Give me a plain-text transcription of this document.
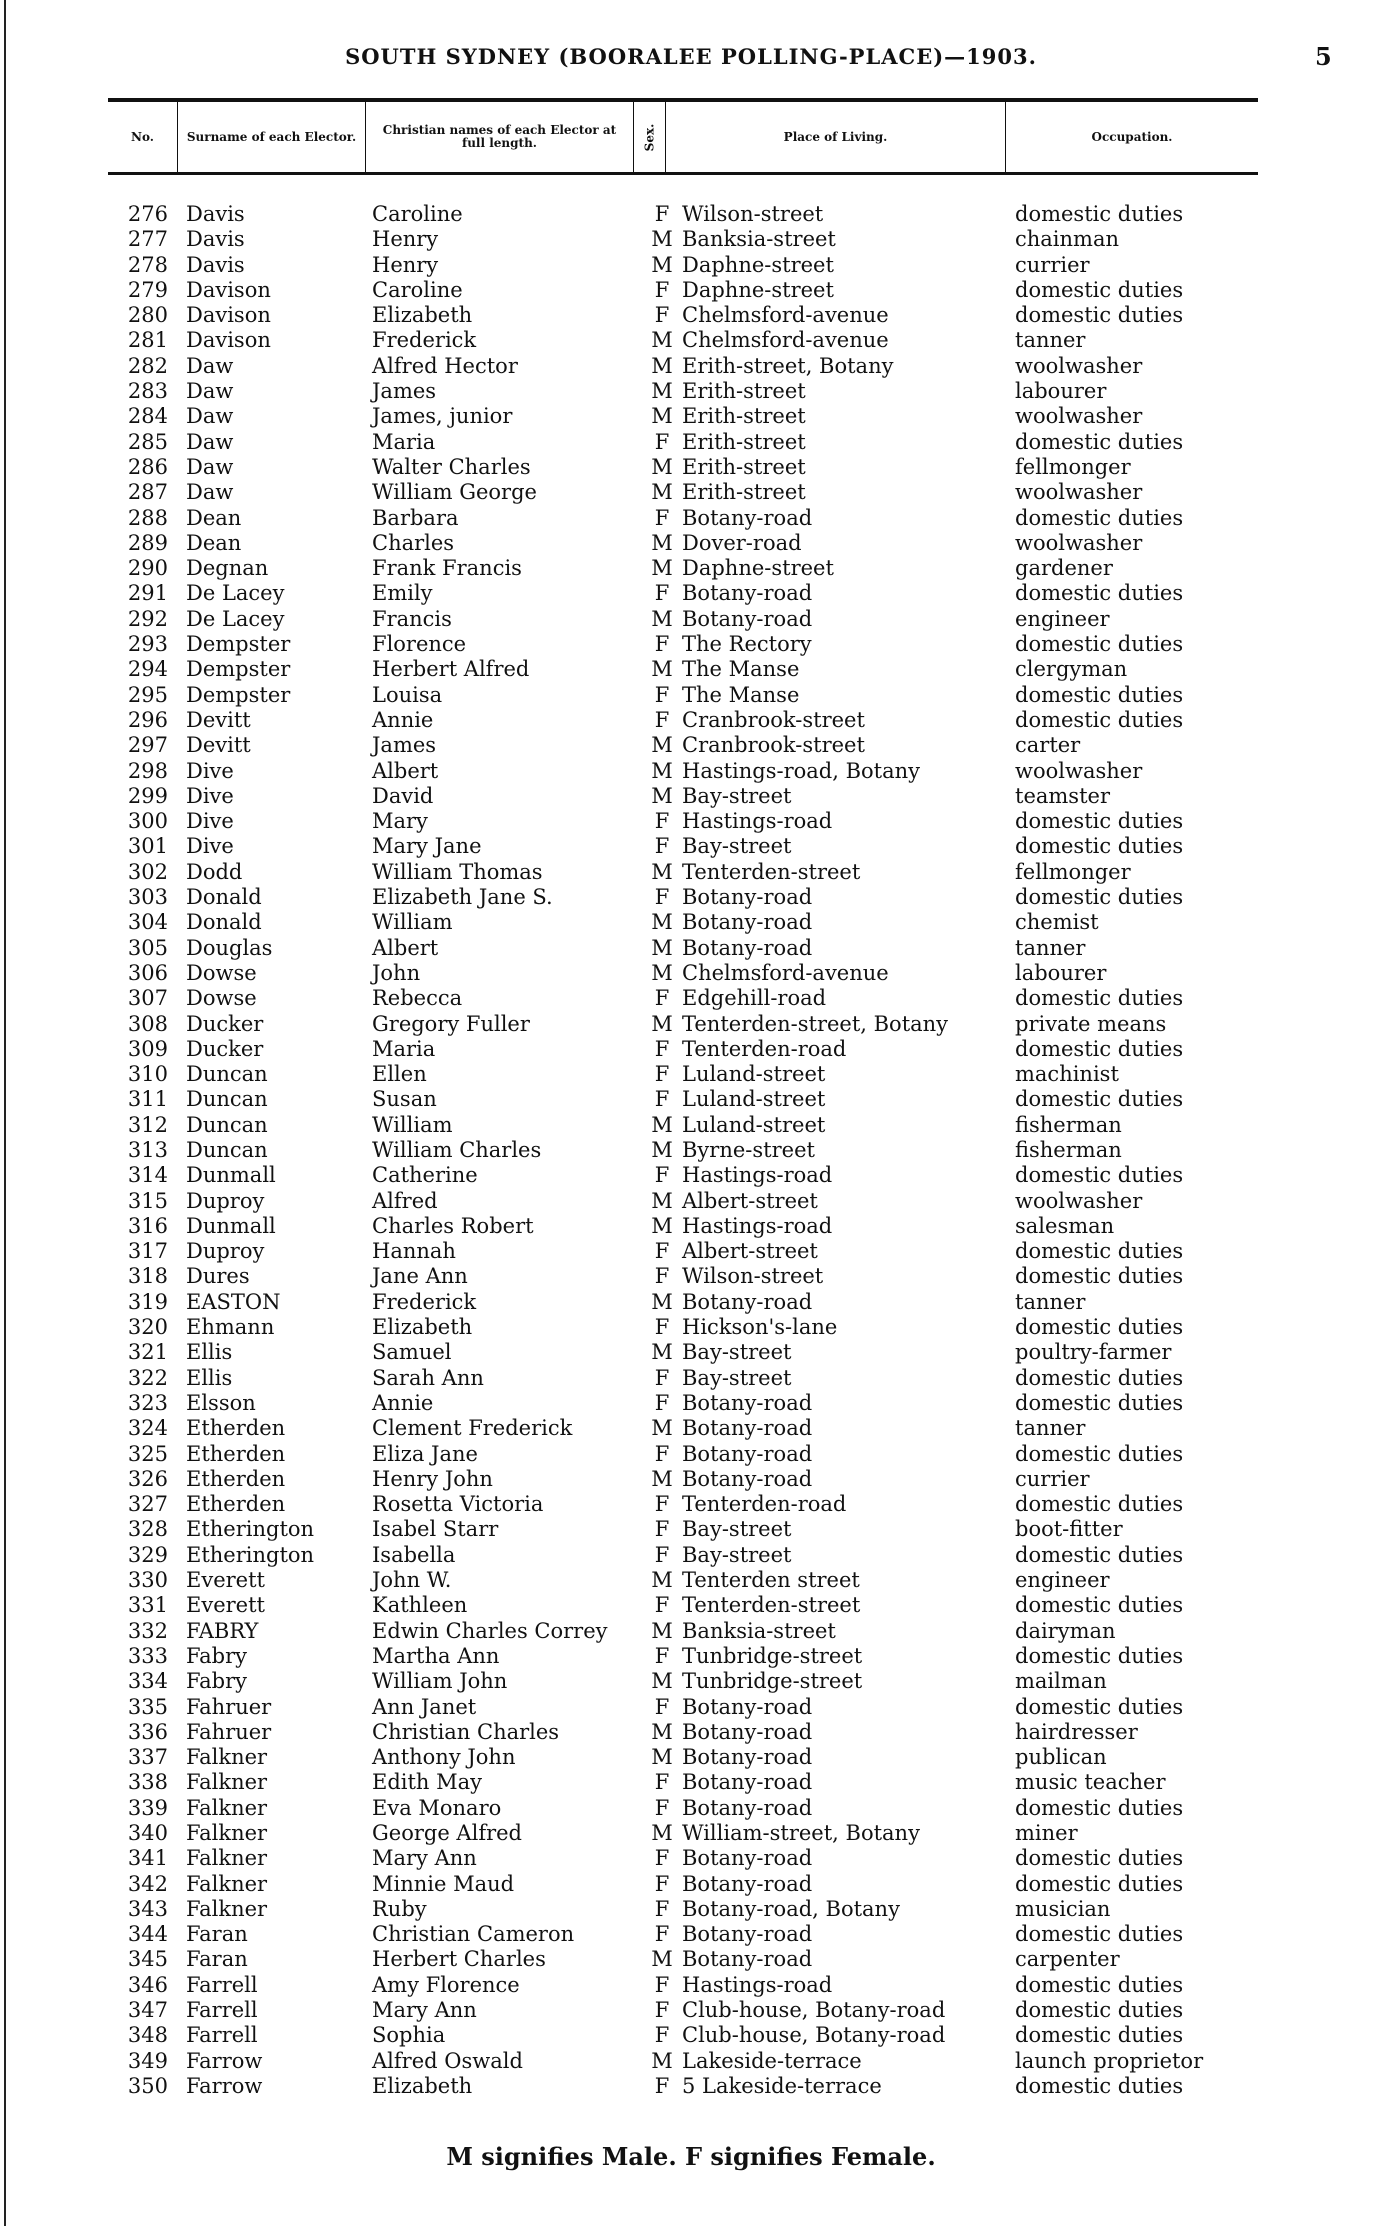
SOUTH SYDNEY (BOORALEE POLLING-PLACE)—1903.	5
No.	Surname of each Elector.	Christian names of each Elector at full length.	Sex.	Place of Living.	Occupation.
276 Davis	Caroline	F Wilson-street	domestic duties
277 Davis	Henry	M Banksia-street	chainman
278 Davis	Henry	M Daphne-street	currier
279 Davison	Caroline	F Daphne-street	domestic duties
280 Davison	Elizabeth	F Chelmsford-avenue	domestic duties
281 Davison	Frederick	M Chelmsford-avenue	tanner
282 Daw	Alfred Hector	M Erith-street, Botany	woolwasher
283 Daw	James	M Erith-street	labourer
284 Daw	James, junior	M Erith-street	woolwasher
285 Daw	Maria	F Erith-street	domestic duties
286 Daw	Walter Charles	M Erith-street	fellmonger
287 Daw	William George	M Erith-street	woolwasher
288 Dean	Barbara	F Botany-road	domestic duties
289 Dean	Charles	M Dover-road	woolwasher
290 Degnan	Frank Francis	M Daphne-street	gardener
291 De Lacey	Emily	F Botany-road	domestic duties
292 De Lacey	Francis	M Botany-road	engineer
293 Dempster	Florence	F The Rectory	domestic duties
294 Dempster	Herbert Alfred	M The Manse	clergyman
295 Dempster	Louisa	F The Manse	domestic duties
296 Devitt	Annie	F Cranbrook-street	domestic duties
297 Devitt	James	M Cranbrook-street	carter
298 Dive	Albert	M Hastings-road, Botany	woolwasher
299 Dive	David	M Bay-street	teamster
300 Dive	Mary	F Hastings-road	domestic duties
301 Dive	Mary Jane	F Bay-street	domestic duties
302 Dodd	William Thomas	M Tenterden-street	fellmonger
303 Donald	Elizabeth Jane S.	F Botany-road	domestic duties
304 Donald	William	M Botany-road	chemist
305 Douglas	Albert	M Botany-road	tanner
306 Dowse	John	M Chelmsford-avenue	labourer
307 Dowse	Rebecca	F Edgehill-road	domestic duties
308 Ducker	Gregory Fuller	M Tenterden-street, Botany	private means
309 Ducker	Maria	F Tenterden-road	domestic duties
310 Duncan	Ellen	F Luland-street	machinist
311 Duncan	Susan	F Luland-street	domestic duties
312 Duncan	William	M Luland-street	fisherman
313 Duncan	William Charles	M Byrne-street	fisherman
314 Dunmall	Catherine	F Hastings-road	domestic duties
315 Duproy	Alfred	M Albert-street	woolwasher
316 Dunmall	Charles Robert	M Hastings-road	salesman
317 Duproy	Hannah	F Albert-street	domestic duties
318 Dures	Jane Ann	F Wilson-street	domestic duties
319 EASTON	Frederick	M Botany-road	tanner
320 Ehmann	Elizabeth	F Hickson's-lane	domestic duties
321 Ellis	Samuel	M Bay-street	poultry-farmer
322 Ellis	Sarah Ann	F Bay-street	domestic duties
323 Elsson	Annie	F Botany-road	domestic duties
324 Etherden	Clement Frederick	M Botany-road	tanner
325 Etherden	Eliza Jane	F Botany-road	domestic duties
326 Etherden	Henry John	M Botany-road	currier
327 Etherden	Rosetta Victoria	F Tenterden-road	domestic duties
328 Etherington	Isabel Starr	F Bay-street	boot-fitter
329 Etherington	Isabella	F Bay-street	domestic duties
330 Everett	John W.	M Tenterden street	engineer
331 Everett	Kathleen	F Tenterden-street	domestic duties
332 FABRY	Edwin Charles Correy M Banksia-street	dairyman
333 Fabry	Martha Ann	F Tunbridge-street	domestic duties
334 Fabry	William John	M Tunbridge-street	mailman
335 Fahruer	Ann Janet	F Botany-road	domestic duties
336 Fahruer	Christian Charles	M Botany-road	hairdresser
337 Falkner	Anthony John	M Botany-road	publican
338 Falkner	Edith May	F Botany-road	music teacher
339 Falkner	Eva Monaro	F Botany-road	domestic duties
340 Falkner	George Alfred	M William-street, Botany	miner
341 Falkner	Mary Ann	F Botany-road	domestic duties
342 Falkner	Minnie Maud	F Botany-road	domestic duties
343 Falkner	Ruby	F Botany-road, Botany	musician
344 Faran	Christian Cameron	F Botany-road	domestic duties
345 Faran	Herbert Charles	M Botany-road	carpenter
346 Farrell	Amy Florence	F Hastings-road	domestic duties
347 Farrell	Mary Ann	F Club-house, Botany-road	domestic duties
348 Farrell	Sophia	F Club-house, Botany-road	domestic duties
349 Farrow	Alfred Oswald	M Lakeside-terrace	launch proprietor
350 Farrow	Elizabeth	F 5 Lakeside-terrace	domestic duties
M signifies Male. F signifies Female.
